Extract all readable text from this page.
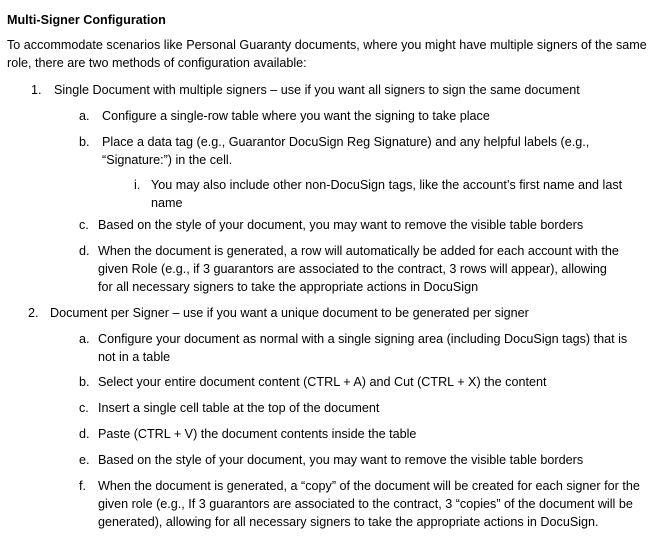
Multi-Signer Configuration

To accommodate scenarios like Personal Guaranty documents, where you might have multiple signers of the same role, there are two methods of configuration available:

1. Single Document with multiple signers – use if you want all signers to sign the same document

a. Configure a single-row table where you want the signing to take place

b. Place a data tag (e.g., Guarantor DocuSign Reg Signature) and any helpful labels (e.g., “Signature:”) in the cell.

i. You may also include other non-DocuSign tags, like the account’s first name and last name

c. Based on the style of your document, you may want to remove the visible table borders

d. When the document is generated, a row will automatically be added for each account with the given Role (e.g., if 3 guarantors are associated to the contract, 3 rows will appear), allowing for all necessary signers to take the appropriate actions in DocuSign

2. Document per Signer – use if you want a unique document to be generated per signer

a. Configure your document as normal with a single signing area (including DocuSign tags) that is not in a table

b. Select your entire document content (CTRL + A) and Cut (CTRL + X) the content

c. Insert a single cell table at the top of the document

d. Paste (CTRL + V) the document contents inside the table

e. Based on the style of your document, you may want to remove the visible table borders

f. When the document is generated, a “copy” of the document will be created for each signer for the given role (e.g., If 3 guarantors are associated to the contract, 3 “copies” of the document will be generated), allowing for all necessary signers to take the appropriate actions in DocuSign.
